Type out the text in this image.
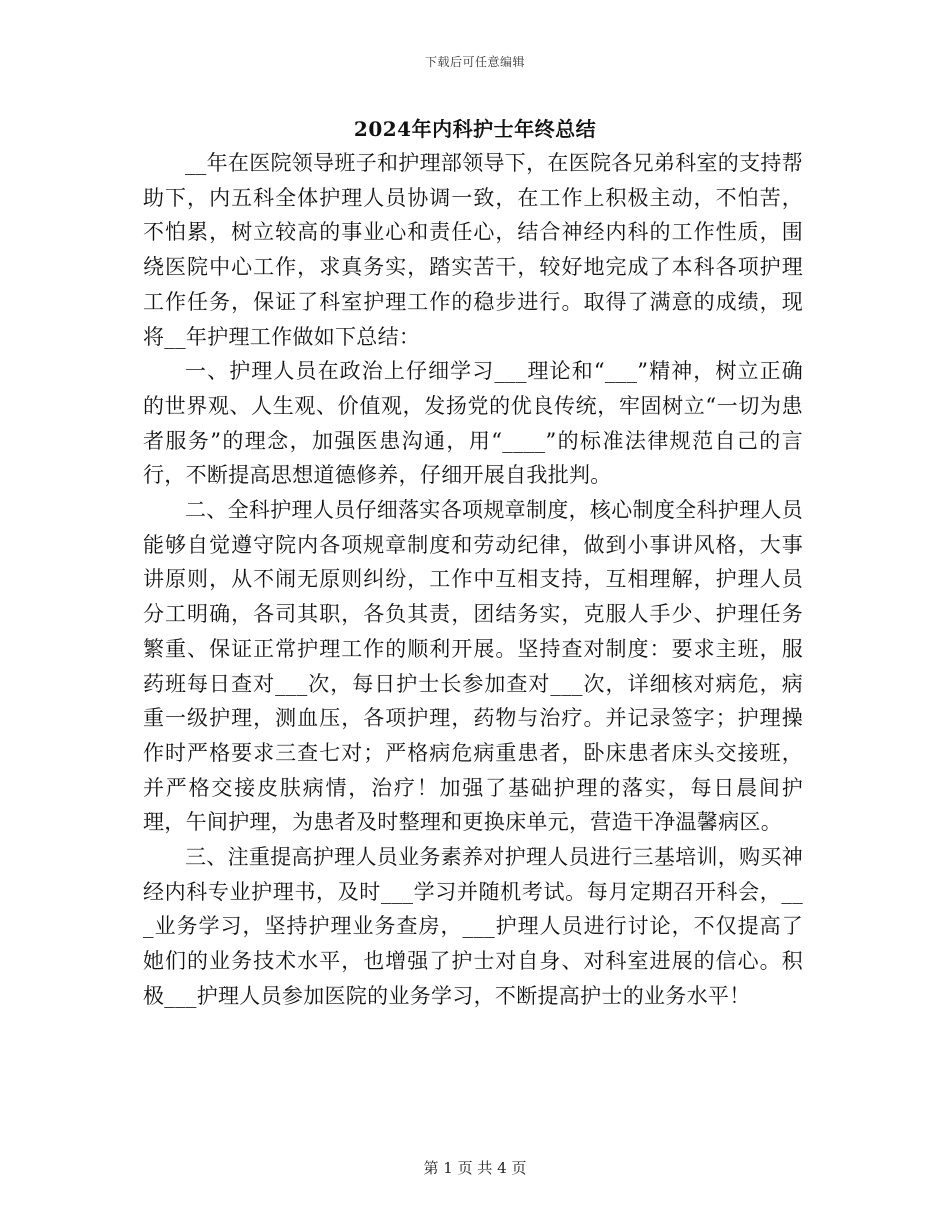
下载后可任意编辑
2024年内科护士年终总结

__年在医院领导班子和护理部领导下，在医院各兄弟科室的支持帮助下，内五科全体护理人员协调一致，在工作上积极主动，不怕苦，不怕累，树立较高的事业心和责任心，结合神经内科的工作性质，围绕医院中心工作，求真务实，踏实苦干，较好地完成了本科各项护理工作任务，保证了科室护理工作的稳步进行。取得了满意的成绩，现将__年护理工作做如下总结：

一、护理人员在政治上仔细学习___理论和“___”精神，树立正确的世界观、人生观、价值观，发扬党的优良传统，牢固树立“一切为患者服务”的理念，加强医患沟通，用“____”的标准法律规范自己的言行，不断提高思想道德修养，仔细开展自我批判。

二、全科护理人员仔细落实各项规章制度，核心制度全科护理人员能够自觉遵守院内各项规章制度和劳动纪律，做到小事讲风格，大事讲原则，从不闹无原则纠纷，工作中互相支持，互相理解，护理人员分工明确，各司其职，各负其责，团结务实，克服人手少、护理任务繁重、保证正常护理工作的顺利开展。坚持查对制度：要求主班，服药班每日查对___次，每日护士长参加查对___次，详细核对病危，病重一级护理，测血压，各项护理，药物与治疗。并记录签字；护理操作时严格要求三查七对；严格病危病重患者，卧床患者床头交接班，并严格交接皮肤病情，治疗！加强了基础护理的落实，每日晨间护理，午间护理，为患者及时整理和更换床单元，营造干净温馨病区。

三、注重提高护理人员业务素养对护理人员进行三基培训，购买神经内科专业护理书，及时___学习并随机考试。每月定期召开科会，___业务学习，坚持护理业务查房，___护理人员进行讨论，不仅提高了她们的业务技术水平，也增强了护士对自身、对科室进展的信心。积极___护理人员参加医院的业务学习，不断提高护士的业务水平！

第 1 页 共 4 页
